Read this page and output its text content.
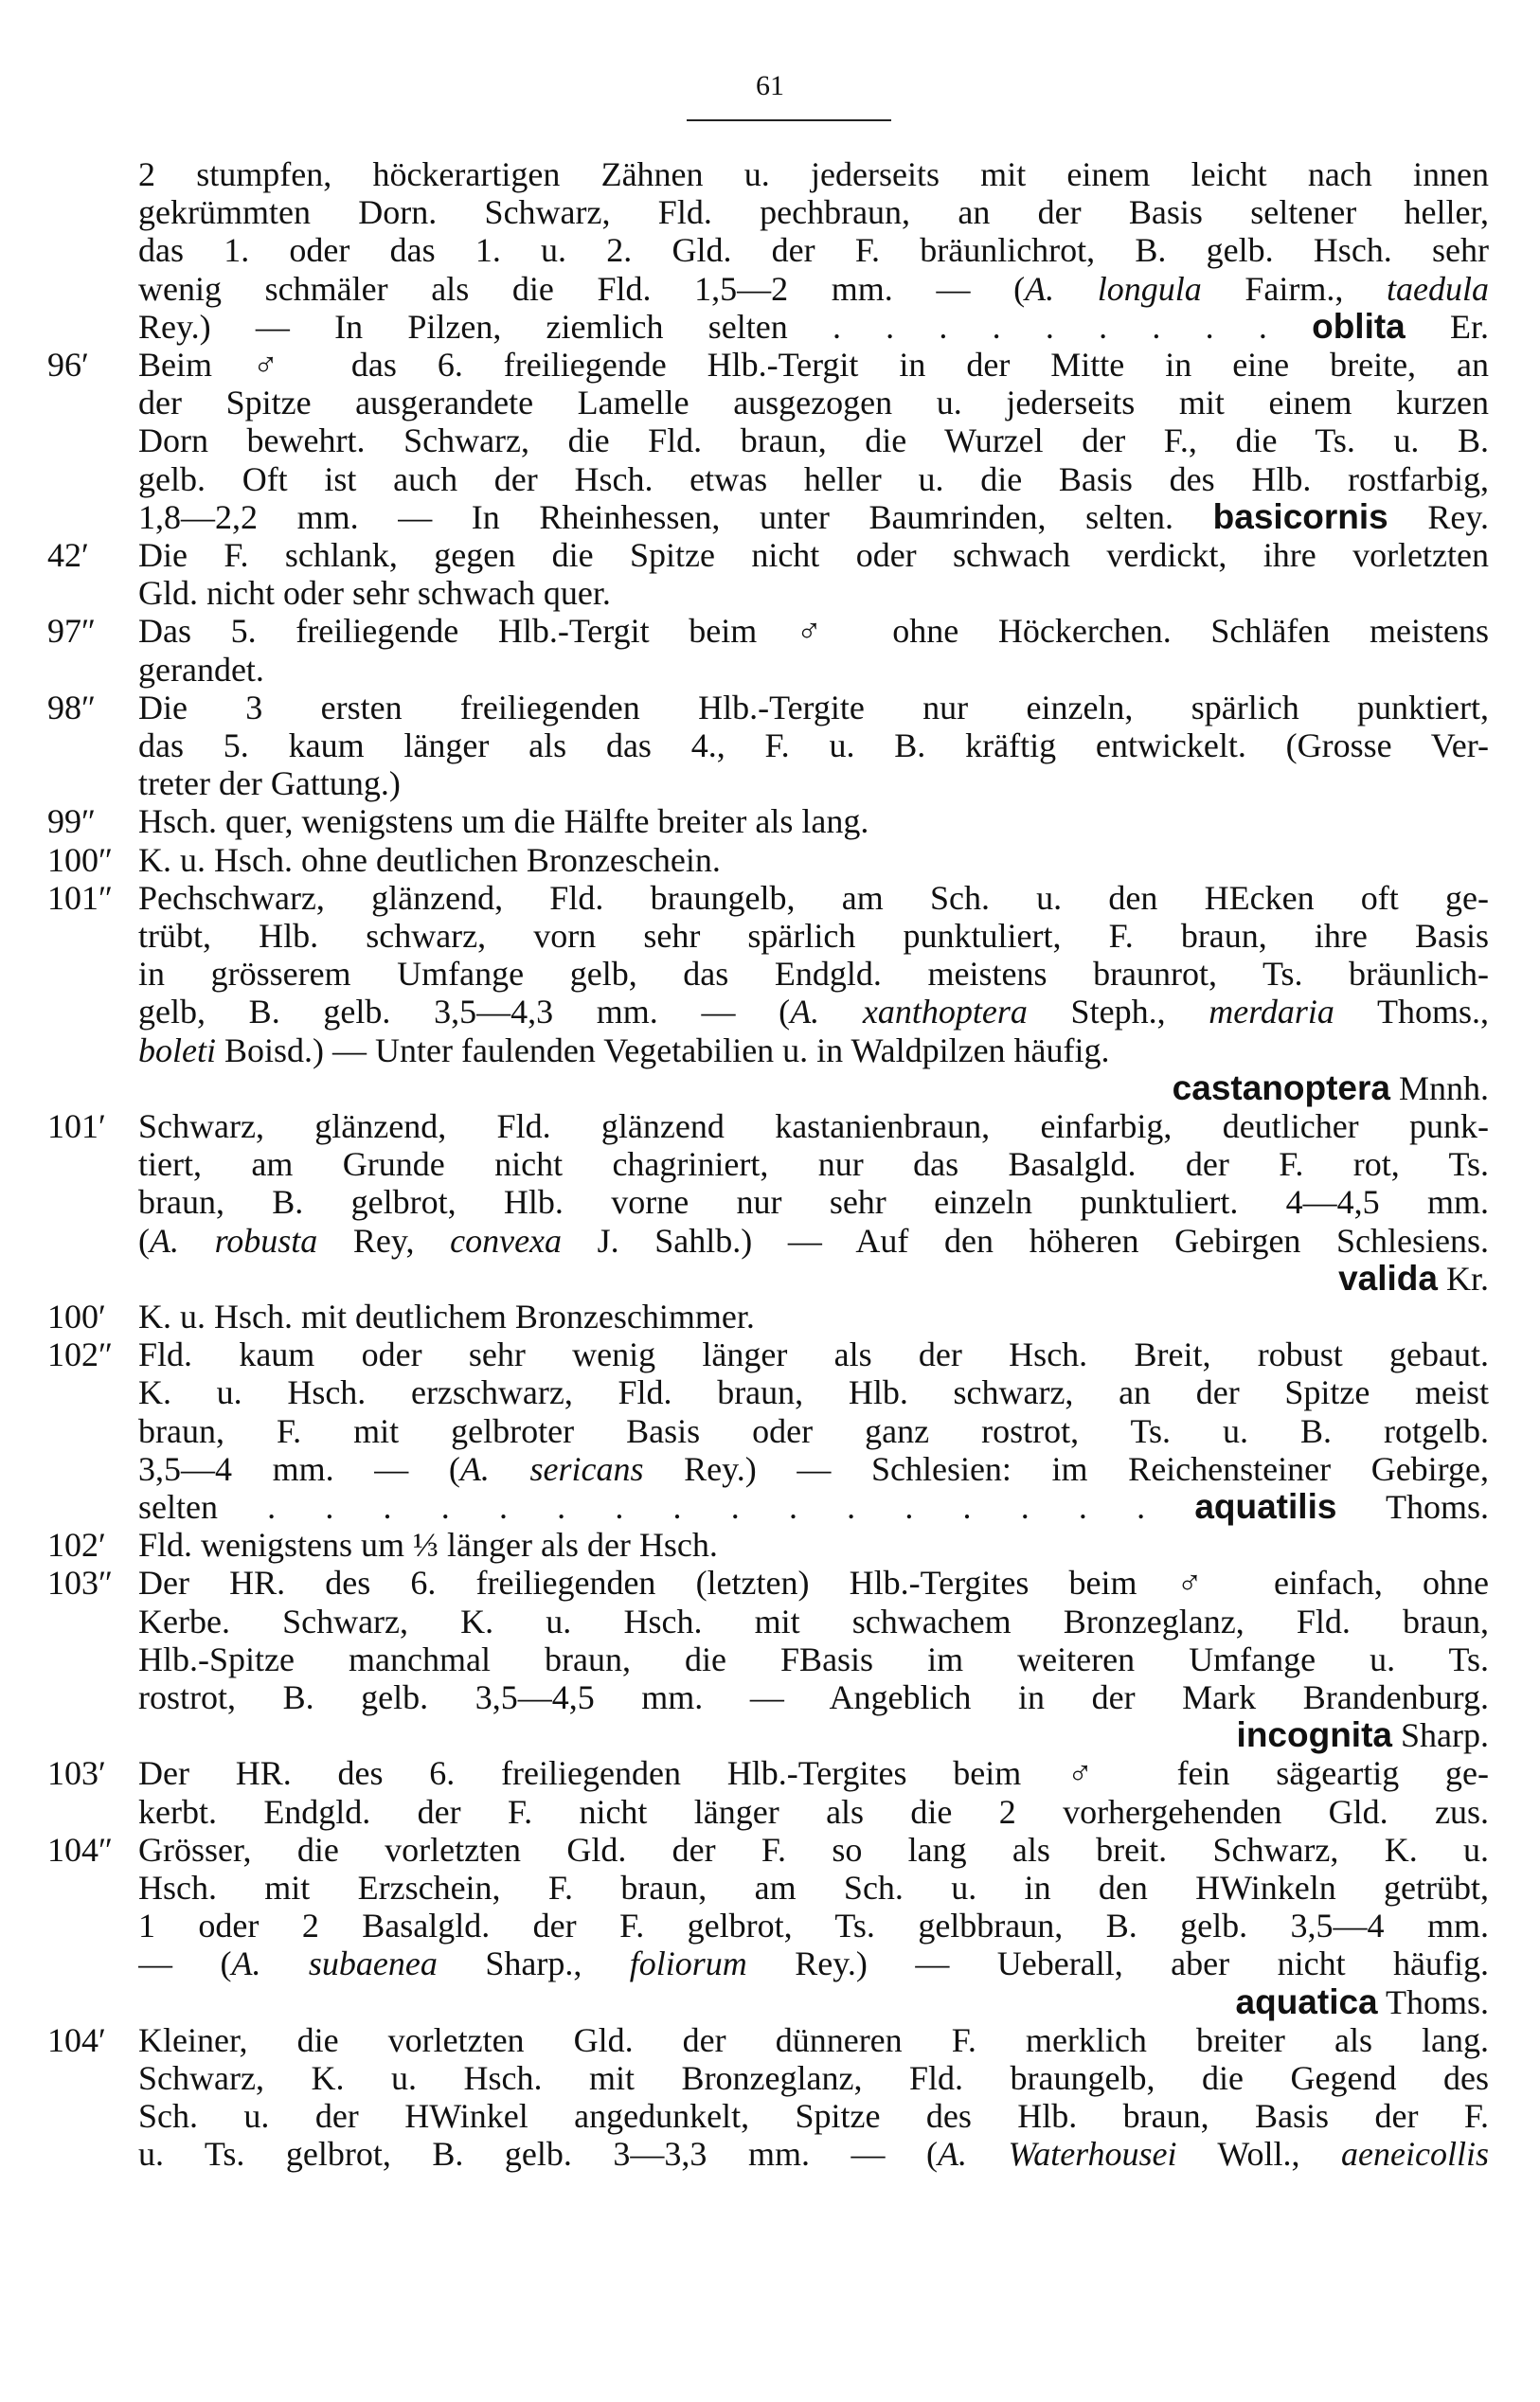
61
2 stumpfen, höckerartigen Zähnen u. jederseits mit einem leicht nach innen
gekrümmten Dorn. Schwarz, Fld. pechbraun, an der Basis seltener heller,
das 1. oder das 1. u. 2. Gld. der F. bräunlichrot, B. gelb. Hsch. sehr
wenig schmäler als die Fld. 1,5—2 mm. — (A. longula Fairm., taedula
Rey.) — In Pilzen, ziemlich selten . . . . . . . . . oblita Er.
96′ Beim ♂ das 6. freiliegende Hlb.-Tergit in der Mitte in eine breite, an
der Spitze ausgerandete Lamelle ausgezogen u. jederseits mit einem kurzen
Dorn bewehrt. Schwarz, die Fld. braun, die Wurzel der F., die Ts. u. B.
gelb. Oft ist auch der Hsch. etwas heller u. die Basis des Hlb. rostfarbig,
1,8—2,2 mm. — In Rheinhessen, unter Baumrinden, selten. basicornis Rey.
42′ Die F. schlank, gegen die Spitze nicht oder schwach verdickt, ihre vorletzten
Gld. nicht oder sehr schwach quer.
97″ Das 5. freiliegende Hlb.-Tergit beim ♂ ohne Höckerchen. Schläfen meistens
gerandet.
98″ Die 3 ersten freiliegenden Hlb.-Tergite nur einzeln, spärlich punktiert,
das 5. kaum länger als das 4., F. u. B. kräftig entwickelt. (Grosse Ver-
treter der Gattung.)
99″ Hsch. quer, wenigstens um die Hälfte breiter als lang.
100″ K. u. Hsch. ohne deutlichen Bronzeschein.
101″ Pechschwarz, glänzend, Fld. braungelb, am Sch. u. den HEcken oft ge-
trübt, Hlb. schwarz, vorn sehr spärlich punktuliert, F. braun, ihre Basis
in grösserem Umfange gelb, das Endgld. meistens braunrot, Ts. bräunlich-
gelb, B. gelb. 3,5—4,3 mm. — (A. xanthoptera Steph., merdaria Thoms.,
boleti Boisd.) — Unter faulenden Vegetabilien u. in Waldpilzen häufig.
castanoptera Mnnh.
101′ Schwarz, glänzend, Fld. glänzend kastanienbraun, einfarbig, deutlicher punk-
tiert, am Grunde nicht chagriniert, nur das Basalgld. der F. rot, Ts.
braun, B. gelbrot, Hlb. vorne nur sehr einzeln punktuliert. 4—4,5 mm.
(A. robusta Rey, convexa J. Sahlb.) — Auf den höheren Gebirgen Schlesiens.
valida Kr.
100′ K. u. Hsch. mit deutlichem Bronzeschimmer.
102″ Fld. kaum oder sehr wenig länger als der Hsch. Breit, robust gebaut.
K. u. Hsch. erzschwarz, Fld. braun, Hlb. schwarz, an der Spitze meist
braun, F. mit gelbroter Basis oder ganz rostrot, Ts. u. B. rotgelb.
3,5—4 mm. — (A. sericans Rey.) — Schlesien: im Reichensteiner Gebirge,
selten . . . . . . . . . . . . . . . . aquatilis Thoms.
102′ Fld. wenigstens um ⅓ länger als der Hsch.
103″ Der HR. des 6. freiliegenden (letzten) Hlb.-Tergites beim ♂ einfach, ohne
Kerbe. Schwarz, K. u. Hsch. mit schwachem Bronzeglanz, Fld. braun,
Hlb.-Spitze manchmal braun, die FBasis im weiteren Umfange u. Ts.
rostrot, B. gelb. 3,5—4,5 mm. — Angeblich in der Mark Brandenburg.
incognita Sharp.
103′ Der HR. des 6. freiliegenden Hlb.-Tergites beim ♂ fein sägeartig ge-
kerbt. Endgld. der F. nicht länger als die 2 vorhergehenden Gld. zus.
104″ Grösser, die vorletzten Gld. der F. so lang als breit. Schwarz, K. u.
Hsch. mit Erzschein, F. braun, am Sch. u. in den HWinkeln getrübt,
1 oder 2 Basalgld. der F. gelbrot, Ts. gelbbraun, B. gelb. 3,5—4 mm.
— (A. subaenea Sharp., foliorum Rey.) — Ueberall, aber nicht häufig.
aquatica Thoms.
104′ Kleiner, die vorletzten Gld. der dünneren F. merklich breiter als lang.
Schwarz, K. u. Hsch. mit Bronzeglanz, Fld. braungelb, die Gegend des
Sch. u. der HWinkel angedunkelt, Spitze des Hlb. braun, Basis der F.
u. Ts. gelbrot, B. gelb. 3—3,3 mm. — (A. Waterhousei Woll., aeneicollis
